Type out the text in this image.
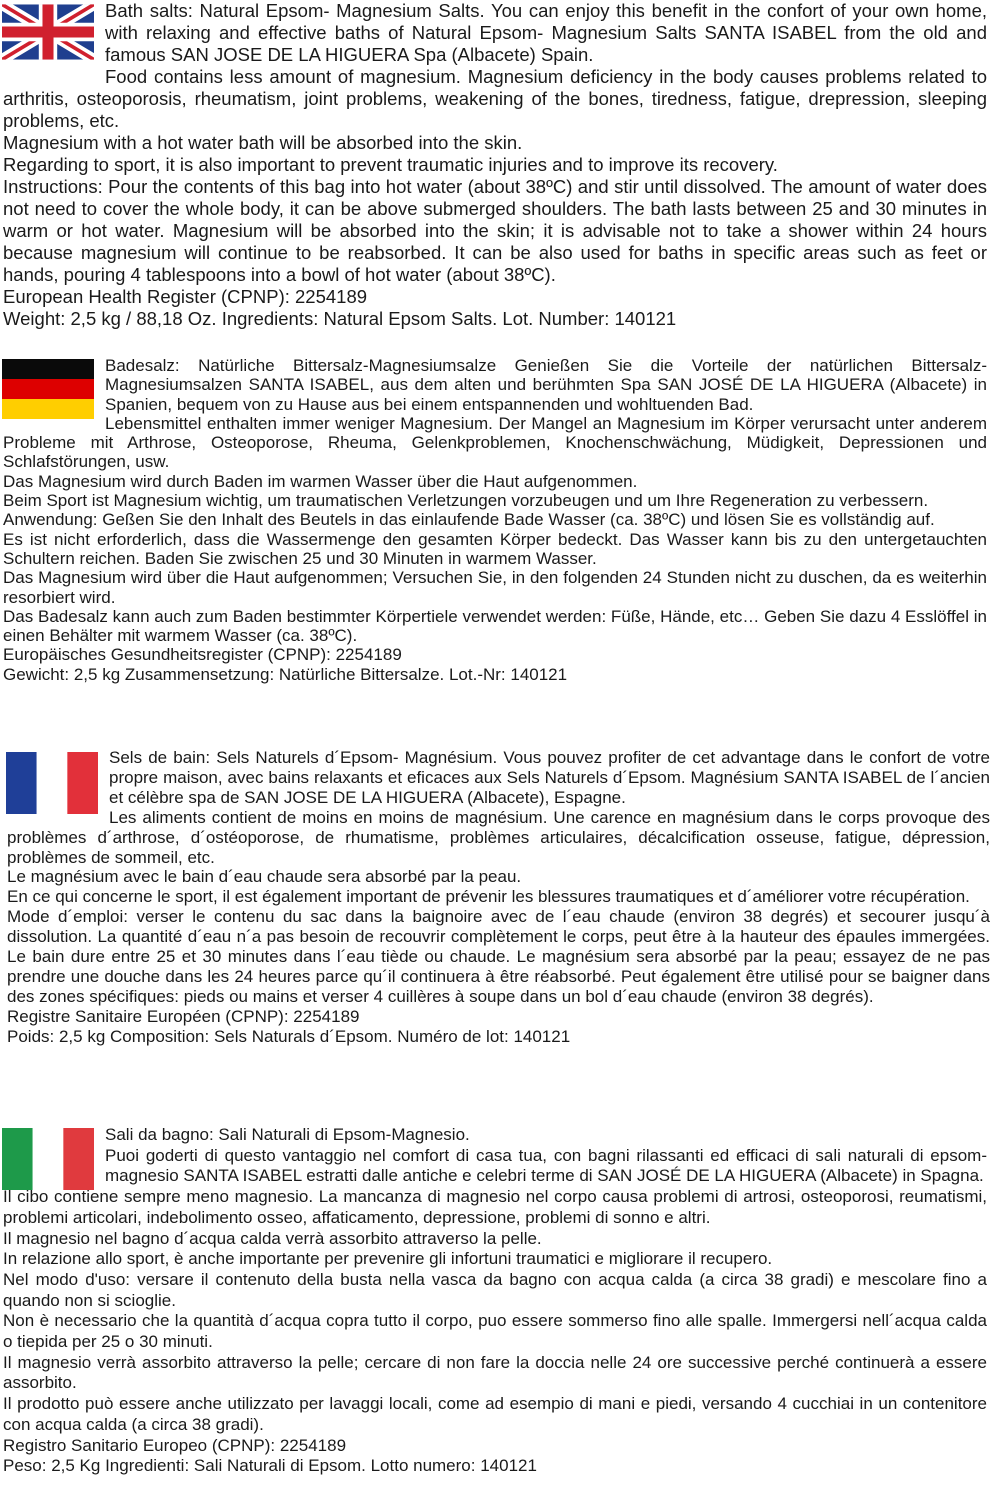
Bath salts: Natural Epsom- Magnesium Salts. You can enjoy this benefit in the confort of your own home, with relaxing and effective baths of Natural Epsom- Magnesium Salts SANTA ISABEL from the old and famous SAN JOSE DE LA HIGUERA Spa (Albacete) Spain.

Food contains less amount of magnesium. Magnesium deficiency in the body causes problems related to arthritis, osteoporosis, rheumatism, joint problems, weakening of the bones, tiredness, fatigue, drepression, sleeping problems, etc.

Magnesium with a hot water bath will be absorbed into the skin.

Regarding to sport, it is also important to prevent traumatic injuries and to improve its recovery.

Instructions: Pour the contents of this bag into hot water (about 38ºC) and stir until dissolved. The amount of water does not need to cover the whole body, it can be above submerged shoulders. The bath lasts between 25 and 30 minutes in warm or hot water. Magnesium will be absorbed into the skin; it is advisable not to take a shower within 24 hours because magnesium will continue to be reabsorbed. It can be also used for baths in specific areas such as feet or hands, pouring 4 tablespoons into a bowl of hot water (about 38ºC).

European Health Register (CPNP): 2254189

Weight: 2,5 kg / 88,18 Oz. Ingredients: Natural Epsom Salts. Lot. Number: 140121

Badesalz: Natürliche Bittersalz-Magnesiumsalze Genießen Sie die Vorteile der natürlichen Bittersalz-Magnesiumsalzen SANTA ISABEL, aus dem alten und berühmten Spa SAN JOSÉ DE LA HIGUERA (Albacete) in Spanien, bequem von zu Hause aus bei einem entspannenden und wohltuenden Bad.

Lebensmittel enthalten immer weniger Magnesium. Der Mangel an Magnesium im Körper verursacht unter anderem Probleme mit Arthrose, Osteoporose, Rheuma, Gelenkproblemen, Knochenschwächung, Müdigkeit, Depressionen und Schlafstörungen, usw.

Das Magnesium wird durch Baden im warmen Wasser über die Haut aufgenommen.

Beim Sport ist Magnesium wichtig, um traumatischen Verletzungen vorzubeugen und um Ihre Regeneration zu verbessern.

Anwendung: Geßen Sie den Inhalt des Beutels in das einlaufende Bade Wasser (ca. 38ºC) und lösen Sie es vollständig auf.

Es ist nicht erforderlich, dass die Wassermenge den gesamten Körper bedeckt. Das Wasser kann bis zu den untergetauchten Schultern reichen. Baden Sie zwischen 25 und 30 Minuten in warmem Wasser.

Das Magnesium wird über die Haut aufgenommen; Versuchen Sie, in den folgenden 24 Stunden nicht zu duschen, da es weiterhin resorbiert wird.

Das Badesalz kann auch zum Baden bestimmter Körpertiele verwendet werden: Füße, Hände, etc… Geben Sie dazu 4 Esslöffel in einen Behälter mit warmem Wasser (ca. 38ºC).

Europäisches Gesundheitsregister (CPNP): 2254189

Gewicht: 2,5 kg Zusammensetzung: Natürliche Bittersalze. Lot.-Nr: 140121

Sels de bain: Sels Naturels d´Epsom- Magnésium. Vous pouvez profiter de cet advantage dans le confort de votre propre maison, avec bains relaxants et eficaces aux Sels Naturels d´Epsom. Magnésium SANTA ISABEL de l´ancien et célèbre spa de SAN JOSE DE LA HIGUERA (Albacete), Espagne.

Les aliments contient de moins en moins de magnésium. Une carence en magnésium dans le corps provoque des problèmes d´arthrose, d´ostéoporose, de rhumatisme, problèmes articulaires, décalcification osseuse, fatigue, dépression, problèmes de sommeil, etc.

Le magnésium avec le bain d´eau chaude sera absorbé par la peau.

En ce qui concerne le sport, il est également important de prévenir les blessures traumatiques et d´améliorer votre récupération.

Mode d´emploi: verser le contenu du sac dans la baignoire avec de l´eau chaude (environ 38 degrés) et secourer jusqu´à dissolution. La quantité d´eau n´a pas besoin de recouvrir complètement le corps, peut être à la hauteur des épaules immergées. Le bain dure entre 25 et 30 minutes dans l´eau tiède ou chaude. Le magnésium sera absorbé par la peau; essayez de ne pas prendre une douche dans les 24 heures parce qu´il continuera à être réabsorbé. Peut également être utilisé pour se baigner dans des zones spécifiques: pieds ou mains et verser 4 cuillères à soupe dans un bol d´eau chaude (environ 38 degrés).

Registre Sanitaire Européen (CPNP): 2254189

Poids: 2,5 kg Composition: Sels Naturals d´Epsom. Numéro de lot: 140121

Sali da bagno: Sali Naturali di Epsom-Magnesio.

Puoi goderti di questo vantaggio nel comfort di casa tua, con bagni rilassanti ed efficaci di sali naturali di epsom-magnesio SANTA ISABEL estratti dalle antiche e celebri terme di SAN JOSÉ DE LA HIGUERA (Albacete) in Spagna.

Il cibo contiene sempre meno magnesio. La mancanza di magnesio nel corpo causa problemi di artrosi, osteoporosi, reumatismi, problemi articolari, indebolimento osseo, affaticamento, depressione, problemi di sonno e altri.

Il magnesio nel bagno d´acqua calda verrà assorbito attraverso la pelle.

In relazione allo sport, è anche importante per prevenire gli infortuni traumatici e migliorare il recupero.

Nel modo d'uso: versare il contenuto della busta nella vasca da bagno con acqua calda (a circa 38 gradi) e mescolare fino a quando non si scioglie.

Non è necessario che la quantità d´acqua copra tutto il corpo, puo essere sommerso fino alle spalle. Immergersi nell´acqua calda o tiepida per 25 o 30 minuti.

Il magnesio verrà assorbito attraverso la pelle; cercare di non fare la doccia nelle 24 ore successive perché continuerà a essere assorbito.

Il prodotto può essere anche utilizzato per lavaggi locali, come ad esempio di mani e piedi, versando 4 cucchiai in un contenitore con acqua calda (a circa 38 gradi).

Registro Sanitario Europeo (CPNP): 2254189

Peso: 2,5 Kg Ingredienti: Sali Naturali di Epsom. Lotto numero: 140121
